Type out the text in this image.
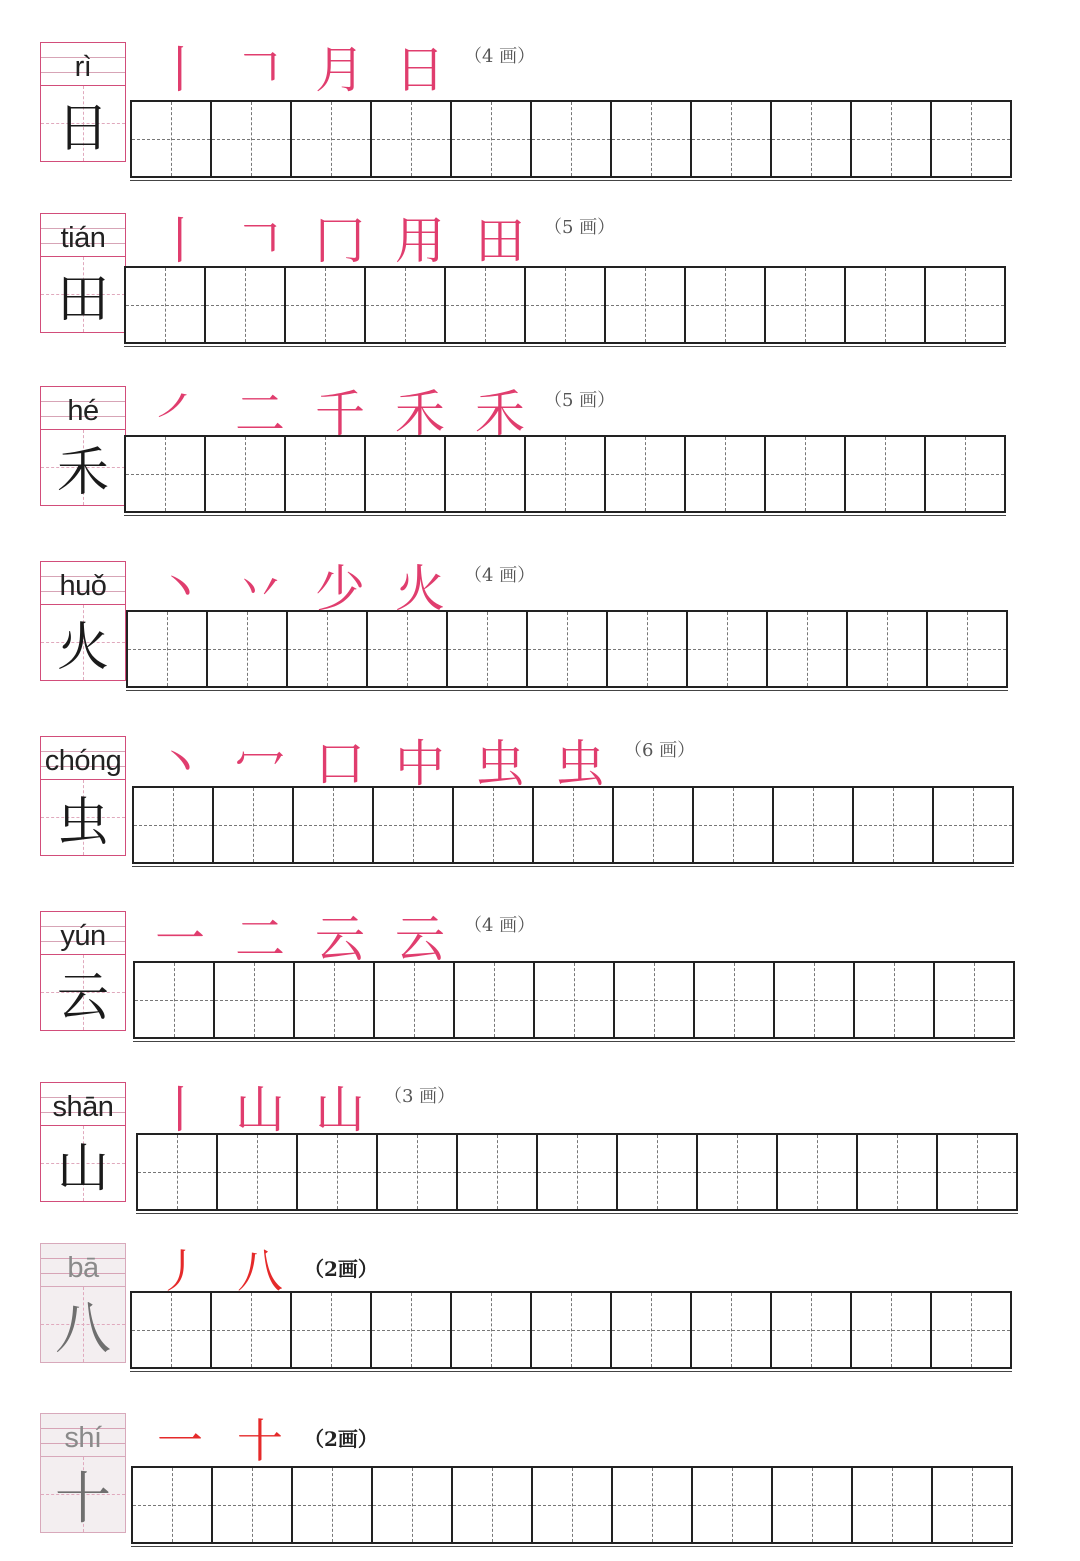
rì
日
丨 𠃍 月 日 （4 画）
tián
田
丨 𠃍 冂 用 田 （5 画）
hé
禾
㇒ 二 千 禾 禾 （5 画）
huǒ
火
丶 丷 少 火 （4 画）
chóng
虫
丶 冖 口 中 虫 虫 （6 画）
yún
云
一 二 云 云 （4 画）
shān
山
丨 山 山 （3 画）
bā
八
丿 八 （2画）
shí
十
一 十 （2画）
